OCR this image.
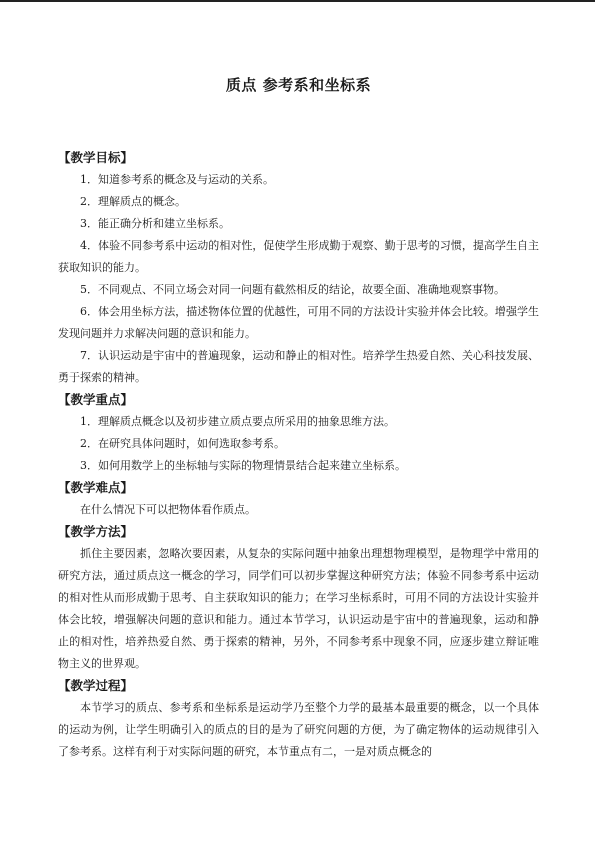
质点 参考系和坐标系

【教学目标】

1．知道参考系的概念及与运动的关系。

2．理解质点的概念。

3．能正确分析和建立坐标系。

4．体验不同参考系中运动的相对性，促使学生形成勤于观察、勤于思考的习惯，提高学生自主获取知识的能力。

5．不同观点、不同立场会对同一问题有截然相反的结论，故要全面、准确地观察事物。

6．体会用坐标方法，描述物体位置的优越性，可用不同的方法设计实验并体会比较。增强学生发现问题并力求解决问题的意识和能力。

7．认识运动是宇宙中的普遍现象，运动和静止的相对性。培养学生热爱自然、关心科技发展、勇于探索的精神。

【教学重点】

1．理解质点概念以及初步建立质点要点所采用的抽象思维方法。

2．在研究具体问题时，如何选取参考系。

3．如何用数学上的坐标轴与实际的物理情景结合起来建立坐标系。

【教学难点】

在什么情况下可以把物体看作质点。

【教学方法】

抓住主要因素，忽略次要因素，从复杂的实际问题中抽象出理想物理模型，是物理学中常用的研究方法，通过质点这一概念的学习，同学们可以初步掌握这种研究方法；体验不同参考系中运动的相对性从而形成勤于思考、自主获取知识的能力；在学习坐标系时，可用不同的方法设计实验并体会比较，增强解决问题的意识和能力。通过本节学习，认识运动是宇宙中的普遍现象，运动和静止的相对性，培养热爱自然、勇于探索的精神，另外，不同参考系中现象不同，应逐步建立辩证唯物主义的世界观。

【教学过程】

本节学习的质点、参考系和坐标系是运动学乃至整个力学的最基本最重要的概念，以一个具体的运动为例，让学生明确引入的质点的目的是为了研究问题的方便，为了确定物体的运动规律引入了参考系。这样有利于对实际问题的研究，本节重点有二，一是对质点概念的
